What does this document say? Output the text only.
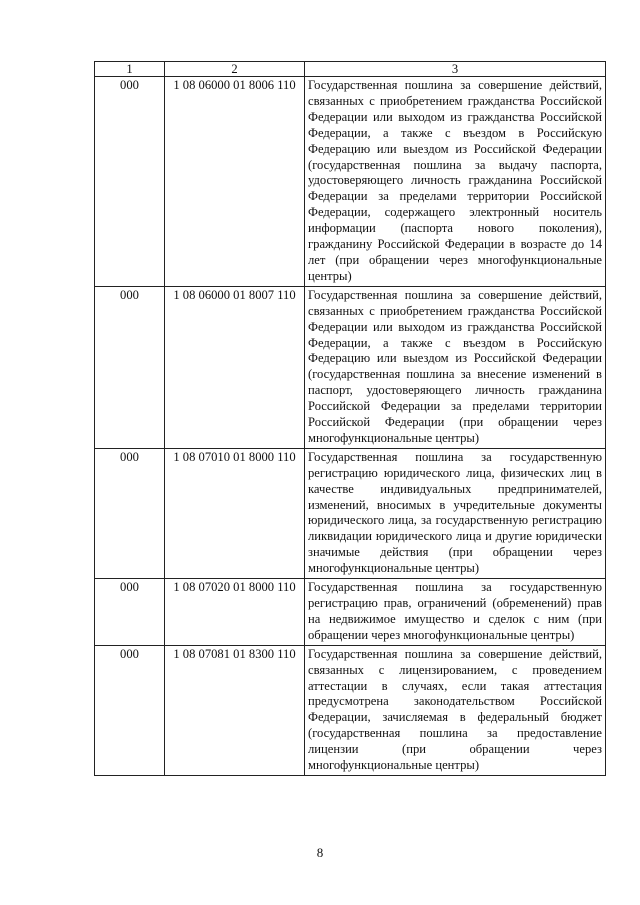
1	2	3
000	1 08 06000 01 8006 110	Государственная пошлина за совершение действий, связанных с приобретением гражданства Российской Федерации или выходом из гражданства Российской Федерации, а также с въездом в Российскую Федерацию или выездом из Российской Федерации (государственная пошлина за выдачу паспорта, удостоверяющего личность гражданина Российской Федерации за пределами территории Российской Федерации, содержащего электронный носитель информации (паспорта нового поколения), гражданину Российской Федерации в возрасте до 14 лет (при обращении через многофункциональные центры)
000	1 08 06000 01 8007 110	Государственная пошлина за совершение действий, связанных с приобретением гражданства Российской Федерации или выходом из гражданства Российской Федерации, а также с въездом в Российскую Федерацию или выездом из Российской Федерации (государственная пошлина за внесение изменений в паспорт, удостоверяющего личность гражданина Российской Федерации за пределами территории Российской Федерации (при обращении через многофункциональные центры)
000	1 08 07010 01 8000 110	Государственная пошлина за государственную регистрацию юридического лица, физических лиц в качестве индивидуальных предпринимателей, изменений, вносимых в учредительные документы юридического лица, за государственную регистрацию ликвидации юридического лица и другие юридически значимые действия (при обращении через многофункциональные центры)
000	1 08 07020 01 8000 110	Государственная пошлина за государственную регистрацию прав, ограничений (обременений) прав на недвижимое имущество и сделок с ним (при обращении через многофункциональные центры)
000	1 08 07081 01 8300 110	Государственная пошлина за совершение действий, связанных с лицензированием, с проведением аттестации в случаях, если такая аттестация предусмотрена законодательством Российской Федерации, зачисляемая в федеральный бюджет (государственная пошлина за предоставление лицензии (при обращении через многофункциональные центры)
8
